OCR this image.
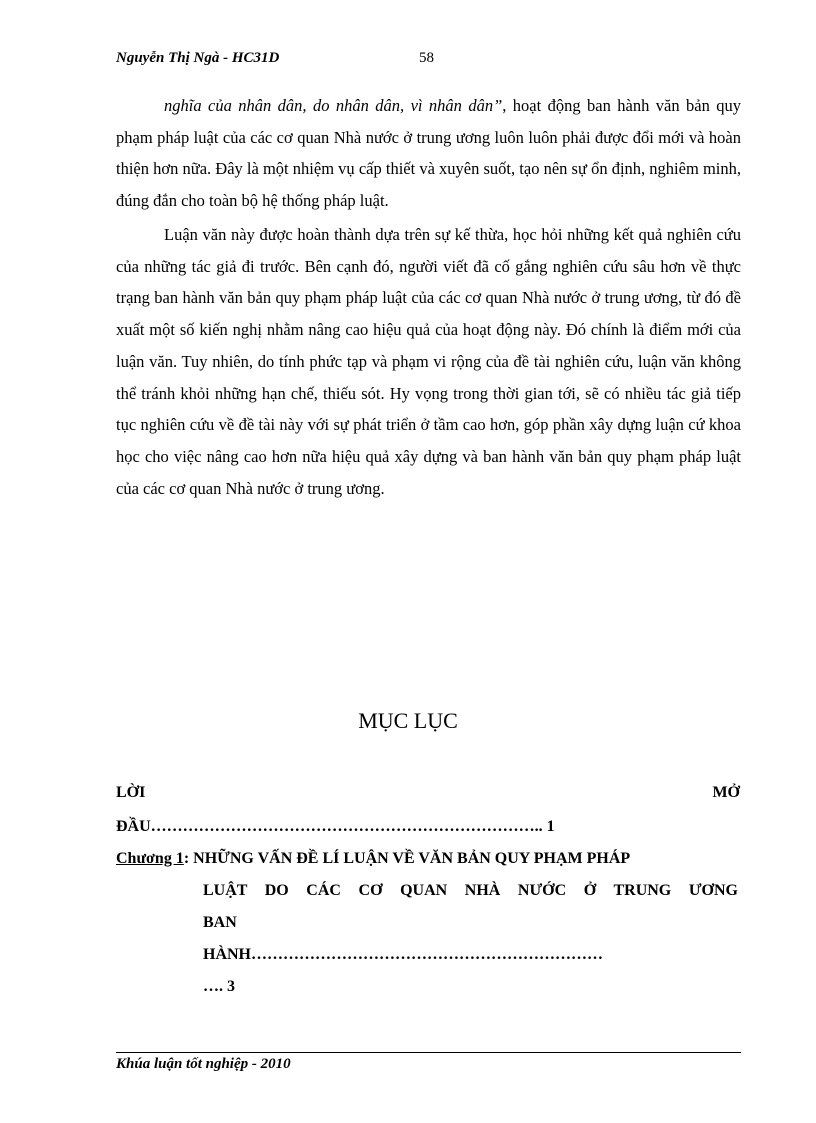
Nguyễn Thị Ngà - HC31D	58

nghĩa của nhân dân, do nhân dân, vì nhân dân”, hoạt động ban hành văn bản quy phạm pháp luật của các cơ quan Nhà nước ở trung ương luôn luôn phải được đổi mới và hoàn thiện hơn nữa. Đây là một nhiệm vụ cấp thiết và xuyên suốt, tạo nên sự ổn định, nghiêm minh, đúng đắn cho toàn bộ hệ thống pháp luật.

Luận văn này được hoàn thành dựa trên sự kế thừa, học hỏi những kết quả nghiên cứu của những tác giả đi trước. Bên cạnh đó, người viết đã cố gắng nghiên cứu sâu hơn về thực trạng ban hành văn bản quy phạm pháp luật của các cơ quan Nhà nước ở trung ương, từ đó đề xuất một số kiến nghị nhằm nâng cao hiệu quả của hoạt động này. Đó chính là điểm mới của luận văn. Tuy nhiên, do tính phức tạp và phạm vi rộng của đề tài nghiên cứu, luận văn không thể tránh khỏi những hạn chế, thiếu sót. Hy vọng trong thời gian tới, sẽ có nhiều tác giả tiếp tục nghiên cứu về đề tài này với sự phát triển ở tầm cao hơn, góp phần xây dựng luận cứ khoa học cho việc nâng cao hơn nữa hiệu quả xây dựng và ban hành văn bản quy phạm pháp luật của các cơ quan Nhà nước ở trung ương.

MỤC LỤC
LỜI	MỞ
ĐẦU……………………………………………………………….. 1
Chương 1: NHỮNG VẤN ĐỀ LÍ LUẬN VỀ VĂN BẢN QUY PHẠM PHÁP
LUẬT DO CÁC CƠ QUAN NHÀ NƯỚC Ở TRUNG ƯƠNG
BAN
HÀNH…………………………………………………………
…. 3
Khúa luận tốt nghiệp - 2010
